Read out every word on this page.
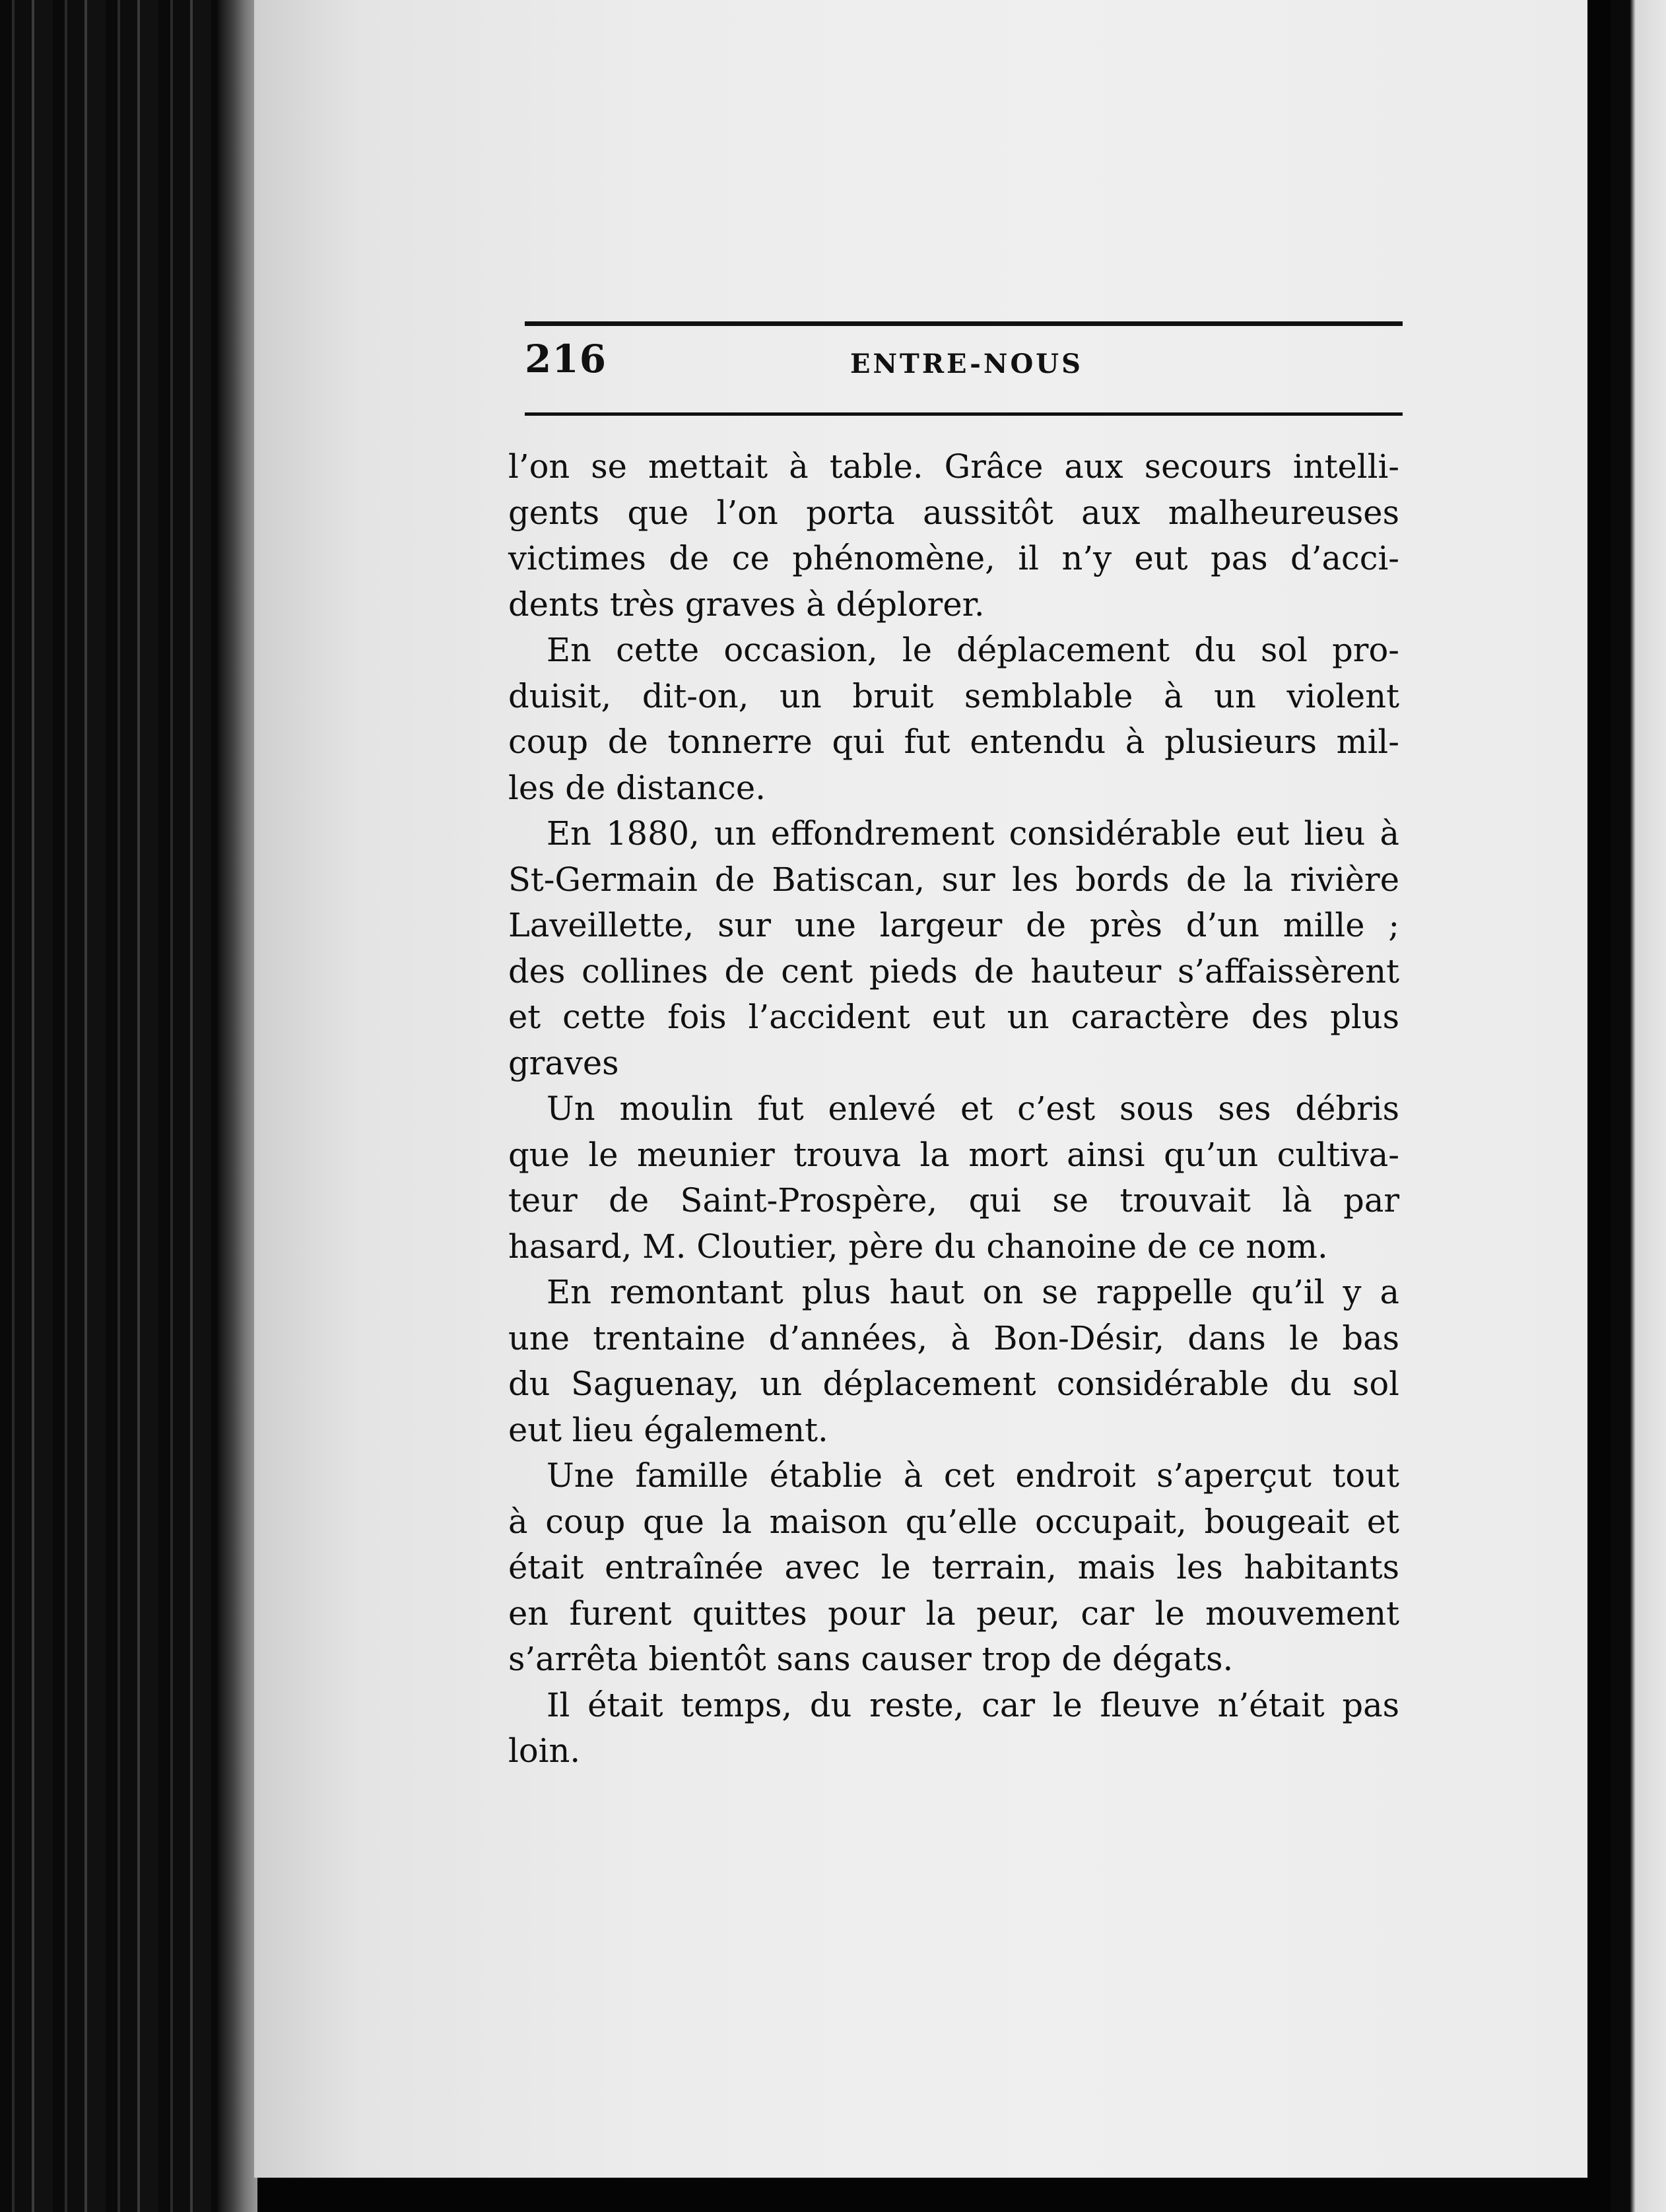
216	ENTRE-NOUS
l’on se mettait à table. Grâce aux secours intelli-
gents que l’on porta aussitôt aux malheureuses
victimes de ce phénomène, il n’y eut pas d’acci-
dents très graves à déplorer.
En cette occasion, le déplacement du sol pro-
duisit, dit-on, un bruit semblable à un violent
coup de tonnerre qui fut entendu à plusieurs mil-
les de distance.
En 1880, un effondrement considérable eut lieu à
St-Germain de Batiscan, sur les bords de la rivière
Laveillette, sur une largeur de près d’un mille ;
des collines de cent pieds de hauteur s’affaissèrent
et cette fois l’accident eut un caractère des plus
graves
Un moulin fut enlevé et c’est sous ses débris
que le meunier trouva la mort ainsi qu’un cultiva-
teur de Saint-Prospère, qui se trouvait là par
hasard, M. Cloutier, père du chanoine de ce nom.
En remontant plus haut on se rappelle qu’il y a
une trentaine d’années, à Bon-Désir, dans le bas
du Saguenay, un déplacement considérable du sol
eut lieu également.
Une famille établie à cet endroit s’aperçut tout
à coup que la maison qu’elle occupait, bougeait et
était entraînée avec le terrain, mais les habitants
en furent quittes pour la peur, car le mouvement
s’arrêta bientôt sans causer trop de dégats.
Il était temps, du reste, car le fleuve n’était pas
loin.
